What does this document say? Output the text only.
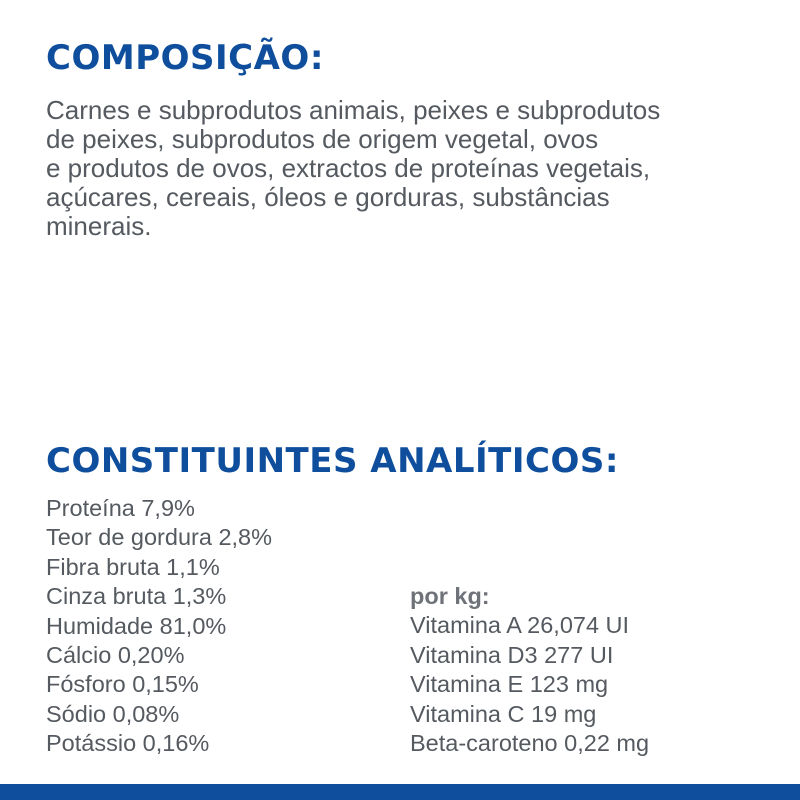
COMPOSIÇÃO:

Carnes e subprodutos animais, peixes e subprodutos
de peixes, subprodutos de origem vegetal, ovos
e produtos de ovos, extractos de proteínas vegetais,
açúcares, cereais, óleos e gorduras, substâncias
minerais.

CONSTITUINTES ANALÍTICOS:
Proteína 7,9%
Teor de gordura 2,8%
Fibra bruta 1,1%
Cinza bruta 1,3%
Humidade 81,0%
Cálcio 0,20%
Fósforo 0,15%
Sódio 0,08%
Potássio 0,16%
por kg:
Vitamina A 26,074 UI
Vitamina D3 277 UI
Vitamina E 123 mg
Vitamina C 19 mg
Beta-caroteno 0,22 mg
